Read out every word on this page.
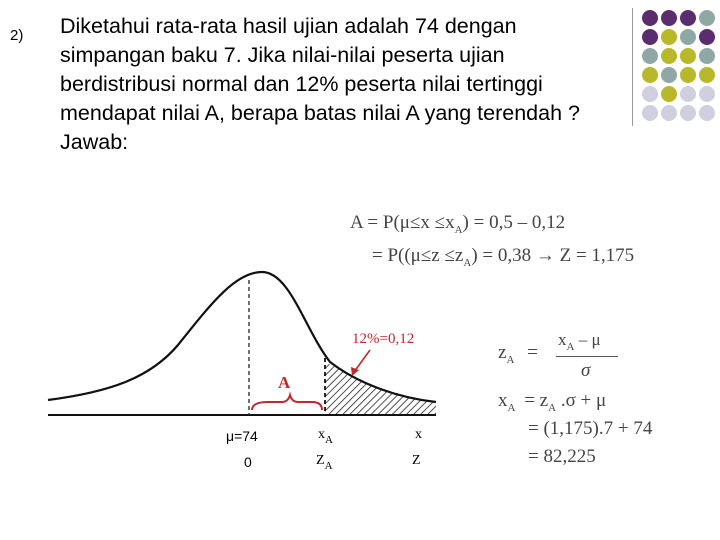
2) Diketahui rata-rata hasil ujian adalah 74 dengan
simpangan baku 7. Jika nilai-nilai peserta ujian
berdistribusi normal dan 12% peserta nilai tertinggi
mendapat nilai A, berapa batas nilai A yang terendah ?
Jawab:
$A = P(\mu\le x \le x_A) = 0,5 - 0,12$
= $P((\mu\le z \le z_A) = 0,38 \to Z = 1,175$
12%=0,12
A
μ=74	$x_A$	x
0	$Z_A$	Z
$z_A$ =
$x_A$ – μ
σ
$x_A = z_A$ .σ + μ
= (1,175).7 + 74
= 82,225
